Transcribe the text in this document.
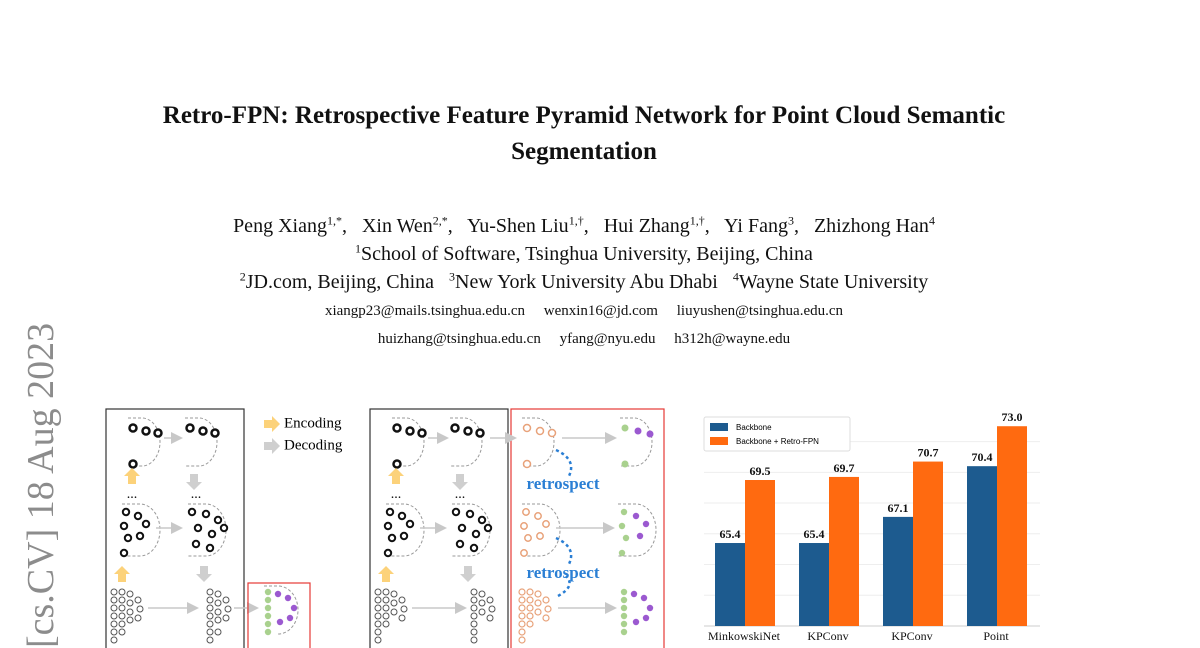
[cs.CV] 18 Aug 2023
Retro-FPN: Retrospective Feature Pyramid Network for Point Cloud Semantic
Segmentation
Peng Xiang$^{1,*}$,   Xin Wen$^{2,*}$,   Yu-Shen Liu$^{1,\dagger}$,   Hui Zhang$^{1,\dagger}$,   Yi Fang$^3$,   Zhizhong Han$^4$
$^1$School of Software, Tsinghua University, Beijing, China
$^2$JD.com, Beijing, China $^3$New York University Abu Dhabi $^4$Wayne State University
xiangp23@mails.tsinghua.edu.cn wenxin16@jd.com liuyushen@tsinghua.edu.cn
huizhang@tsinghua.edu.cn yfang@nyu.edu h312h@wayne.edu
...	...
Encoding
Decoding
...	...
retrospect
retrospect
65.4
69.5
MinkowskiNet
65.4
69.7
KPConv
67.1
70.7
KPConv
70.4
73.0
Point
Backbone
Backbone + Retro-FPN
